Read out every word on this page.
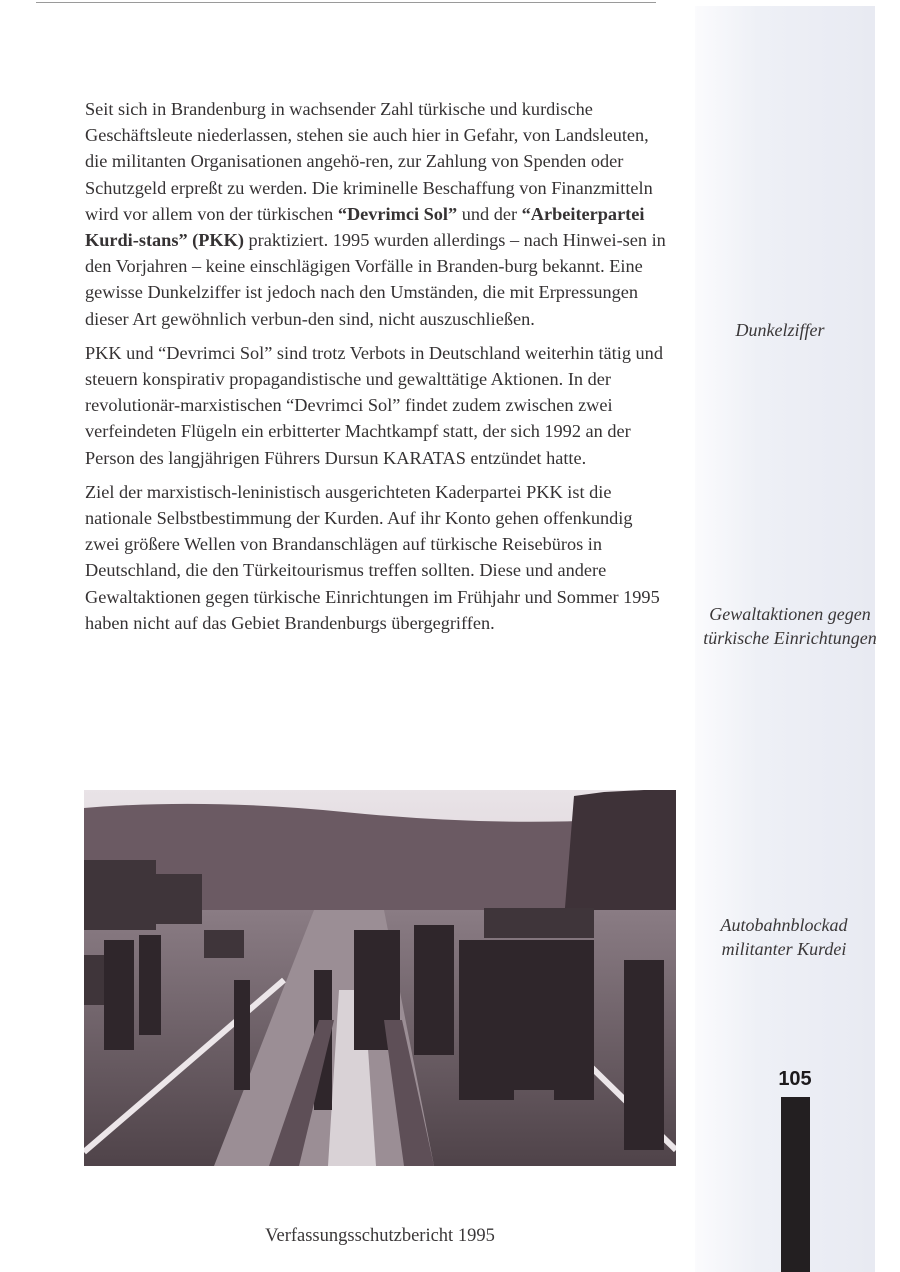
Seit sich in Brandenburg in wachsender Zahl türkische und kurdische Geschäftsleute niederlassen, stehen sie auch hier in Gefahr, von Landsleuten, die militanten Organisationen angehö-ren, zur Zahlung von Spenden oder Schutzgeld erpreßt zu werden. Die kriminelle Beschaffung von Finanzmitteln wird vor allem von der türkischen “Devrimci Sol” und der “Arbeiterpartei Kurdi-stans” (PKK) praktiziert. 1995 wurden allerdings – nach Hinwei-sen in den Vorjahren – keine einschlägigen Vorfälle in Branden-burg bekannt. Eine gewisse Dunkelziffer ist jedoch nach den Umständen, die mit Erpressungen dieser Art gewöhnlich verbun-den sind, nicht auszuschließen.

PKK und “Devrimci Sol” sind trotz Verbots in Deutschland weiterhin tätig und steuern konspirativ propagandistische und gewalttätige Aktionen. In der revolutionär-marxistischen “Devrimci Sol” findet zudem zwischen zwei verfeindeten Flügeln ein erbitterter Machtkampf statt, der sich 1992 an der Person des langjährigen Führers Dursun KARATAS entzündet hatte.

Ziel der marxistisch-leninistisch ausgerichteten Kaderpartei PKK ist die nationale Selbstbestimmung der Kurden. Auf ihr Konto gehen offenkundig zwei größere Wellen von Brandanschlägen auf türkische Reisebüros in Deutschland, die den Türkeitourismus treffen sollten. Diese und andere Gewaltaktionen gegen türkische Einrichtungen im Frühjahr und Sommer 1995 haben nicht auf das Gebiet Brandenburgs übergegriffen.

Dunkelziffer
Gewaltaktionen gegen türkische Einrichtungen
Autobahnblockad
militanter Kurdei
105
Verfassungsschutzbericht 1995
